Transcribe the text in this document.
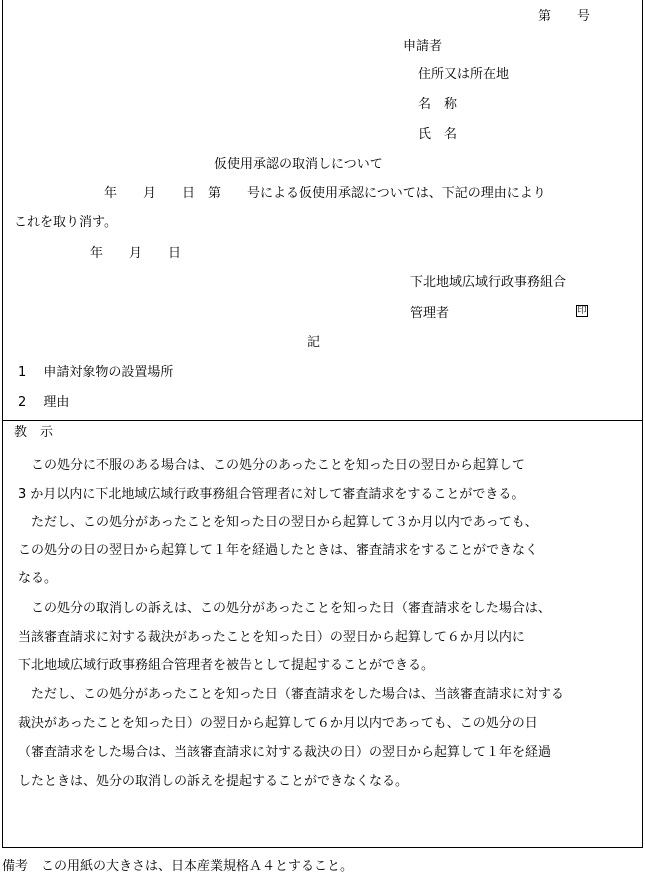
第　　号
申請者
住所又は所在地
名　称
氏　名
仮使用承認の取消しについて
年　　月　　日　第　　号による仮使用承認については、下記の理由により
これを取り消す。
年　　月　　日
下北地域広域行政事務組合
管理者	印
記
1　 申請対象物の設置場所
2　 理由
教　示
　この処分に不服のある場合は、この処分のあったことを知った日の翌日から起算して
3 か月以内に下北地域広域行政事務組合管理者に対して審査請求をすることができる。
　ただし、この処分があったことを知った日の翌日から起算して３か月以内であっても、
この処分の日の翌日から起算して１年を経過したときは、審査請求をすることができなく
なる。
　この処分の取消しの訴えは、この処分があったことを知った日（審査請求をした場合は、
当該審査請求に対する裁決があったことを知った日）の翌日から起算して６か月以内に
下北地域広域行政事務組合管理者を被告として提起することができる。
　ただし、この処分があったことを知った日（審査請求をした場合は、当該審査請求に対する
裁決があったことを知った日）の翌日から起算して６か月以内であっても、この処分の日
（審査請求をした場合は、当該審査請求に対する裁決の日）の翌日から起算して１年を経過
したときは、処分の取消しの訴えを提起することができなくなる。
備考　この用紙の大きさは、日本産業規格Ａ４とすること。
